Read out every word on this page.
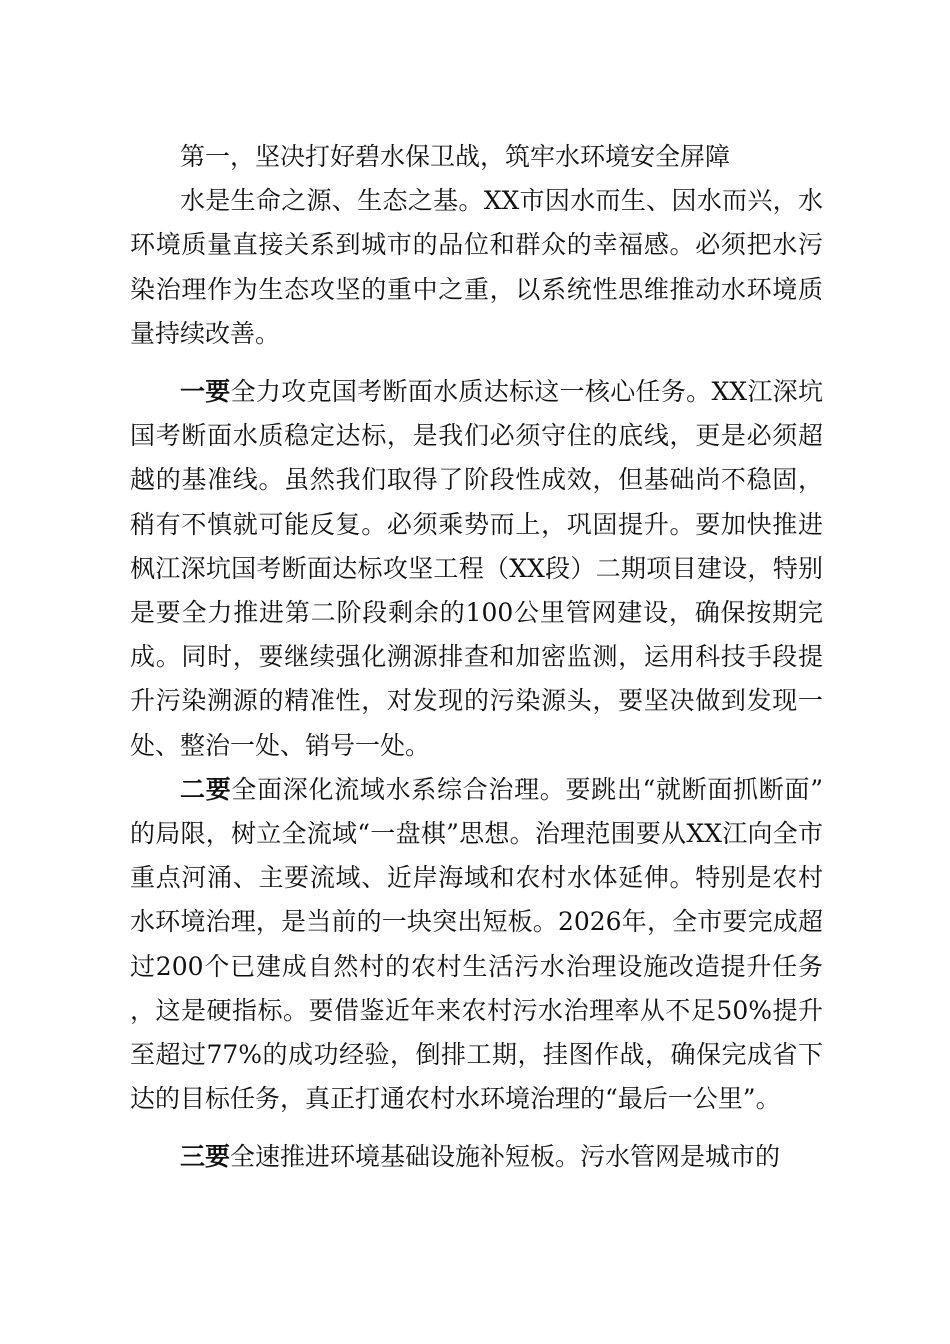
第一，坚决打好碧水保卫战，筑牢水环境安全屏障

水是生命之源、生态之基。XX市因水而生、因水而兴，水环境质量直接关系到城市的品位和群众的幸福感。必须把水污染治理作为生态攻坚的重中之重，以系统性思维推动水环境质量持续改善。

一要全力攻克国考断面水质达标这一核心任务。XX江深坑国考断面水质稳定达标，是我们必须守住的底线，更是必须超越的基准线。虽然我们取得了阶段性成效，但基础尚不稳固，稍有不慎就可能反复。必须乘势而上，巩固提升。要加快推进枫江深坑国考断面达标攻坚工程（XX段）二期项目建设，特别是要全力推进第二阶段剩余的100公里管网建设，确保按期完成。同时，要继续强化溯源排查和加密监测，运用科技手段提升污染溯源的精准性，对发现的污染源头，要坚决做到发现一处、整治一处、销号一处。

二要全面深化流域水系综合治理。要跳出“就断面抓断面”的局限，树立全流域“一盘棋”思想。治理范围要从XX江向全市重点河涌、主要流域、近岸海域和农村水体延伸。特别是农村水环境治理，是当前的一块突出短板。2026年，全市要完成超过200个已建成自然村的农村生活污水治理设施改造提升任务，这是硬指标。要借鉴近年来农村污水治理率从不足50%提升至超过77%的成功经验，倒排工期，挂图作战，确保完成省下达的目标任务，真正打通农村水环境治理的“最后一公里”。

三要全速推进环境基础设施补短板。污水管网是城市的
